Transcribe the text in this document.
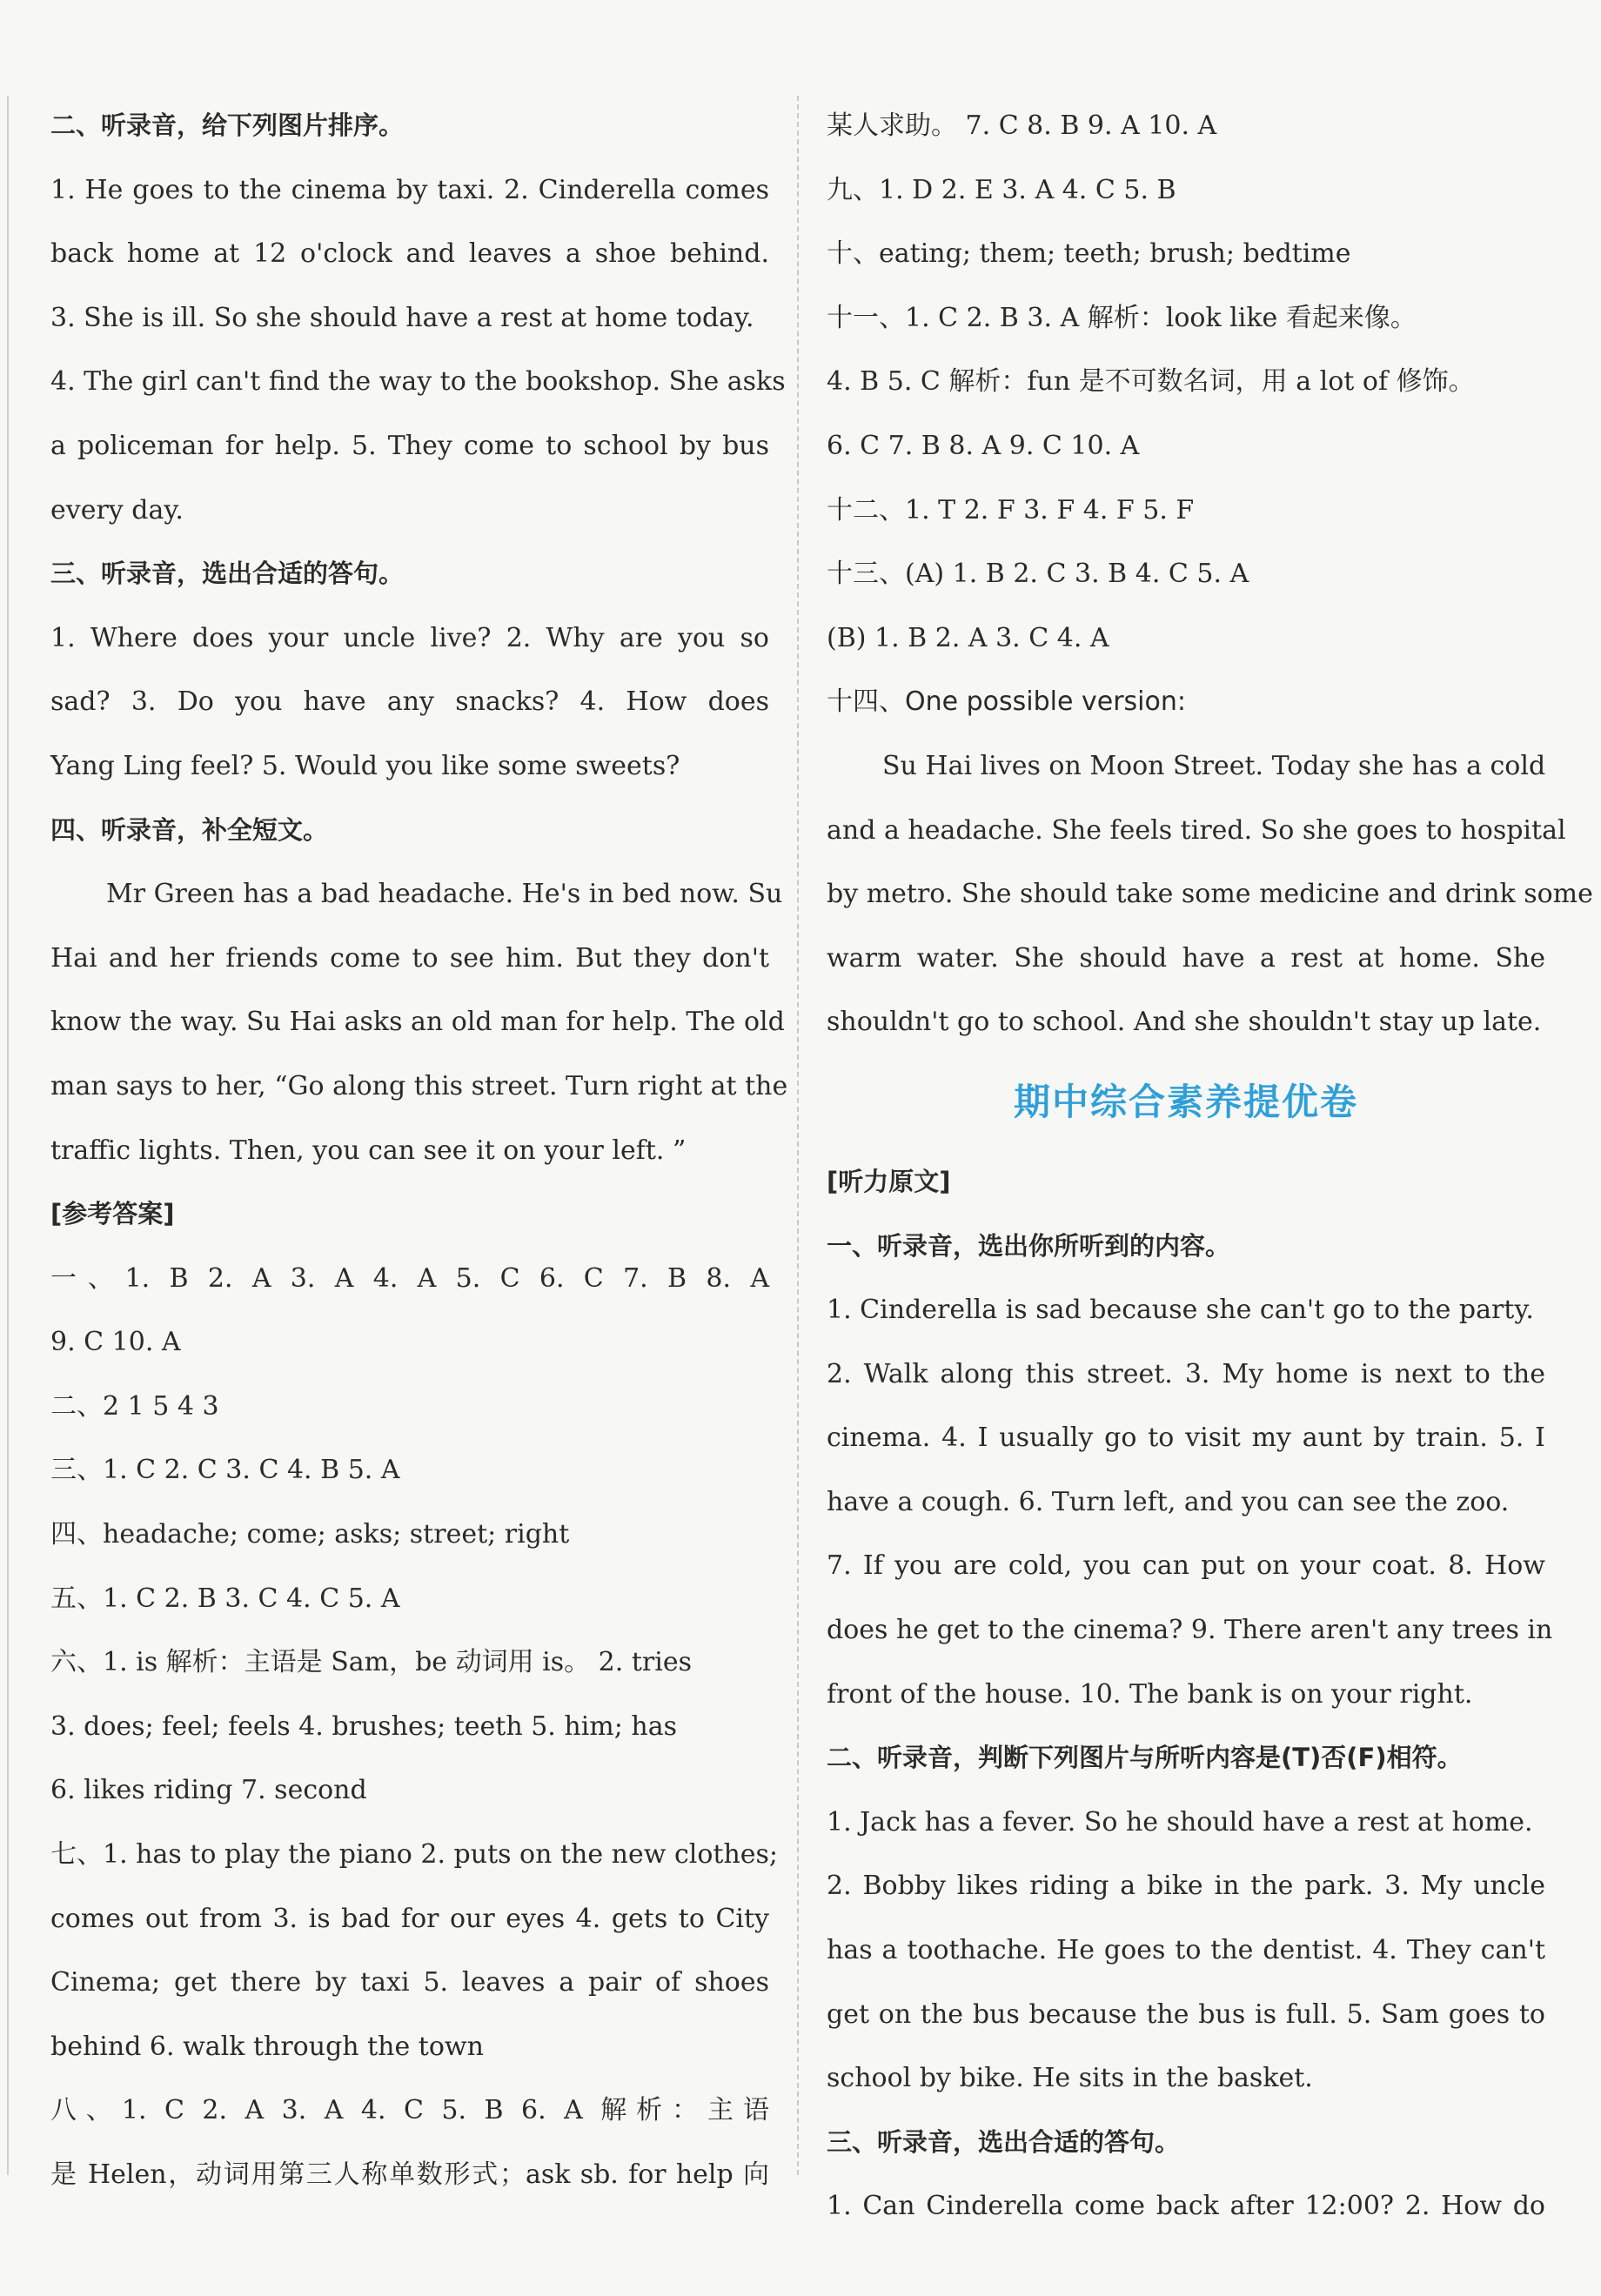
二、听录音，给下列图片排序。

1. He goes to the cinema by taxi. 2. Cinderella comes

back home at 12 o'clock and leaves a shoe behind.

3. She is ill. So she should have a rest at home today.

4. The girl can't find the way to the bookshop. She asks

a policeman for help. 5. They come to school by bus

every day.

三、听录音，选出合适的答句。

1. Where does your uncle live? 2. Why are you so

sad? 3. Do you have any snacks? 4. How does

Yang Ling feel? 5. Would you like some sweets?

四、听录音，补全短文。

Mr Green has a bad headache. He's in bed now. Su

Hai and her friends come to see him. But they don't

know the way. Su Hai asks an old man for help. The old

man says to her, “Go along this street. Turn right at the

traffic lights. Then, you can see it on your left. ”

[参考答案]

一、1. B 2. A 3. A 4. A 5. C 6. C 7. B 8. A

9. C 10. A

二、2 1 5 4 3

三、1. C 2. C 3. C 4. B 5. A

四、headache; come; asks; street; right

五、1. C 2. B 3. C 4. C 5. A

六、1. is 解析：主语是 Sam，be 动词用 is。 2. tries

3. does; feel; feels 4. brushes; teeth 5. him; has

6. likes riding 7. second

七、1. has to play the piano 2. puts on the new clothes;

comes out from 3. is bad for our eyes 4. gets to City

Cinema; get there by taxi 5. leaves a pair of shoes

behind 6. walk through the town

八、1. C 2. A 3. A 4. C 5. B 6. A 解析：主语

是 Helen，动词用第三人称单数形式；ask sb. for help 向

某人求助。 7. C 8. B 9. A 10. A

九、1. D 2. E 3. A 4. C 5. B

十、eating; them; teeth; brush; bedtime

十一、1. C 2. B 3. A 解析：look like 看起来像。

4. B 5. C 解析：fun 是不可数名词，用 a lot of 修饰。

6. C 7. B 8. A 9. C 10. A

十二、1. T 2. F 3. F 4. F 5. F

十三、(A) 1. B 2. C 3. B 4. C 5. A

(B) 1. B 2. A 3. C 4. A

十四、One possible version:

Su Hai lives on Moon Street. Today she has a cold

and a headache. She feels tired. So she goes to hospital

by metro. She should take some medicine and drink some

warm water. She should have a rest at home. She

shouldn't go to school. And she shouldn't stay up late.

期中综合素养提优卷

[听力原文]

一、听录音，选出你所听到的内容。

1. Cinderella is sad because she can't go to the party.

2. Walk along this street. 3. My home is next to the

cinema. 4. I usually go to visit my aunt by train. 5. I

have a cough. 6. Turn left, and you can see the zoo.

7. If you are cold, you can put on your coat. 8. How

does he get to the cinema? 9. There aren't any trees in

front of the house. 10. The bank is on your right.

二、听录音，判断下列图片与所听内容是(T)否(F)相符。

1. Jack has a fever. So he should have a rest at home.

2. Bobby likes riding a bike in the park. 3. My uncle

has a toothache. He goes to the dentist. 4. They can't

get on the bus because the bus is full. 5. Sam goes to

school by bike. He sits in the basket.

三、听录音，选出合适的答句。

1. Can Cinderella come back after 12:00? 2. How do
